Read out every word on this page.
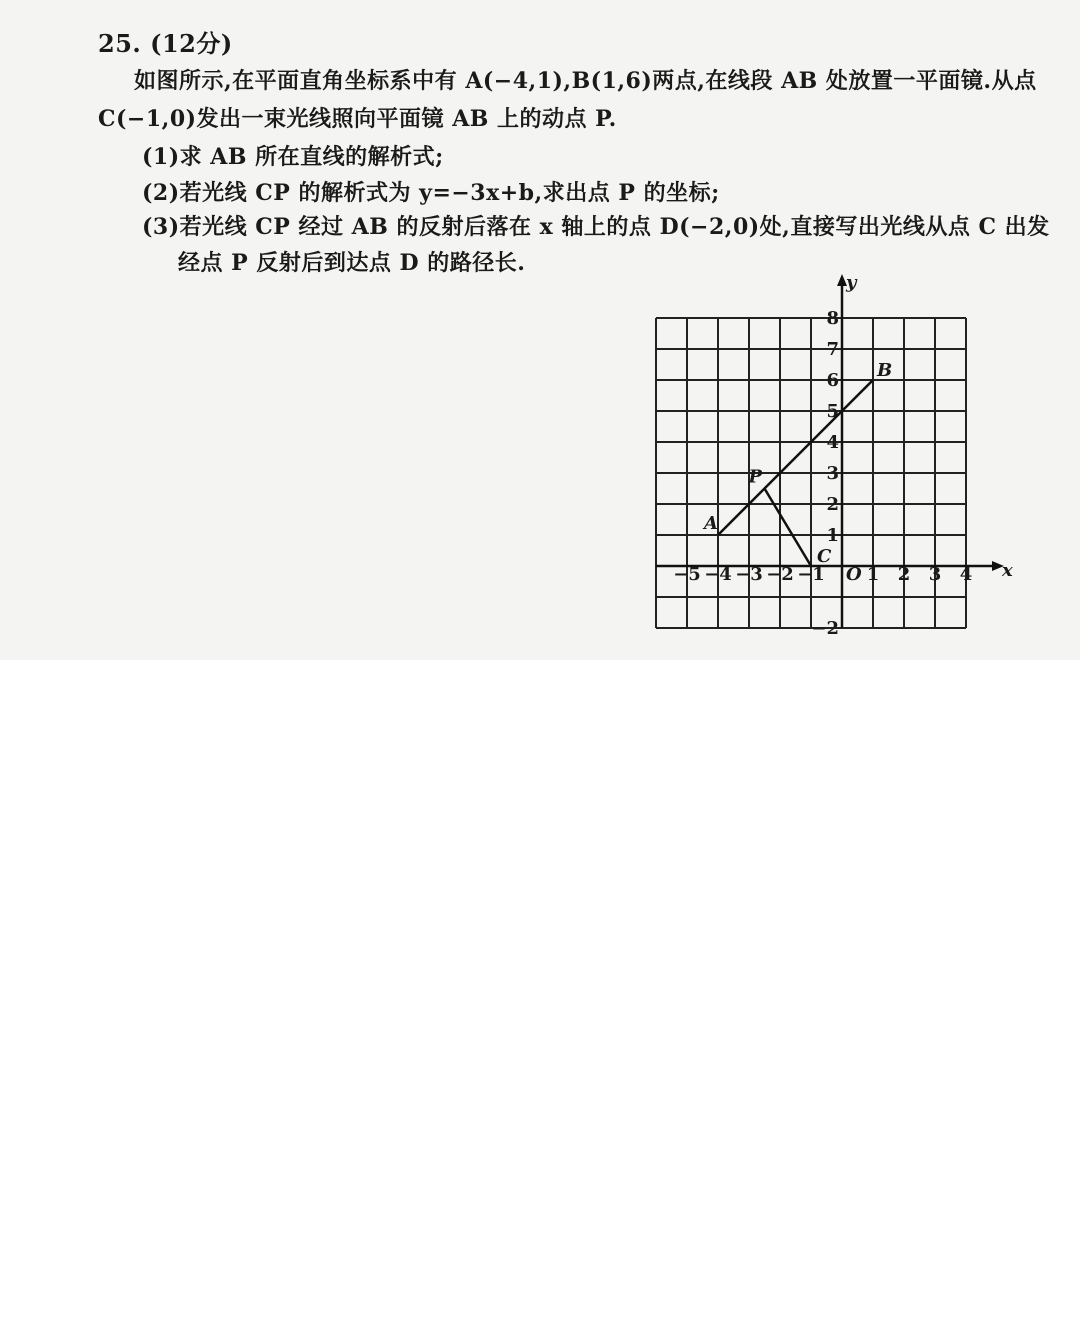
25. (12分)
如图所示,在平面直角坐标系中有 A(−4,1),B(1,6)两点,在线段 AB 处放置一平面镜.从点
C(−1,0)发出一束光线照向平面镜 AB 上的动点 P.
(1)求 AB 所在直线的解析式;
(2)若光线 CP 的解析式为 y=−3x+b,求出点 P 的坐标;
(3)若光线 CP 经过 AB 的反射后落在 x 轴上的点 D(−2,0)处,直接写出光线从点 C 出发
经点 P 反射后到达点 D 的路径长.
x
y
−5 −4 −3 −2 −1 1 2 3 4
1
2
3
4
5
6
7
8
−2
O
A
B
C
P
